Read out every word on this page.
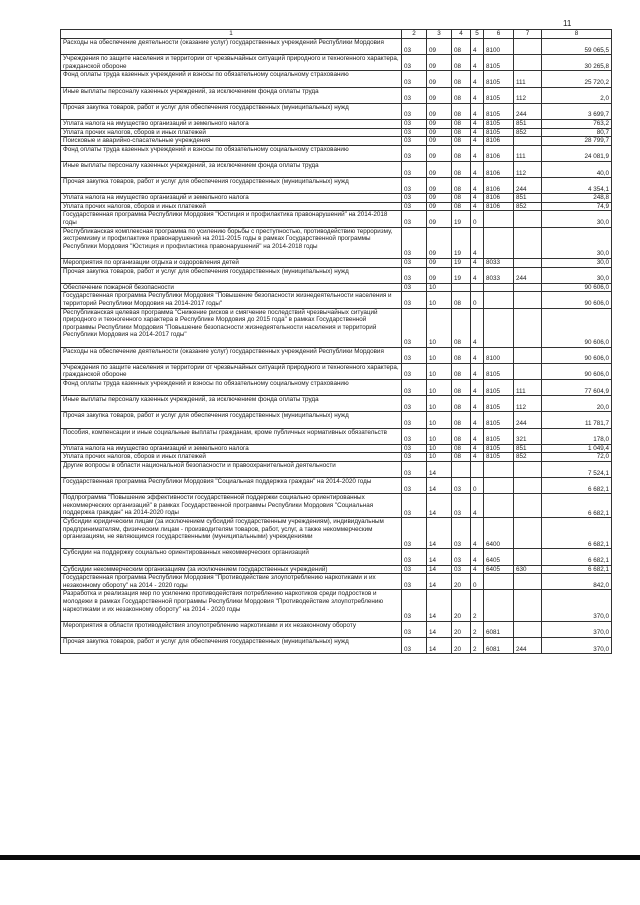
11
1	2	3	4	5	6	7	8
Расходы на обеспечение деятельности (оказание услуг) государственных учреждений Республики Мордовия	03	09	08	4	8100		59 065,5
Учреждения по защите населения и территории от чрезвычайных ситуаций природного и техногенного характера, гражданской обороне	03	09	08	4	8105		30 265,8
Фонд оплаты труда казенных учреждений и взносы по обязательному социальному страхованию	03	09	08	4	8105	111	25 720,2
Иные выплаты персоналу казенных учреждений, за исключением фонда оплаты труда	03	09	08	4	8105	112	2,0
Прочая закупка товаров, работ и услуг для обеспечения государственных (муниципальных) нужд	03	09	08	4	8105	244	3 699,7
Уплата налога на имущество организаций и земельного налога	03	09	08	4	8105	851	763,2
Уплата прочих налогов, сборов и иных платежей	03	09	08	4	8105	852	80,7
Поисковые и аварийно-спасательные учреждения	03	09	08	4	8106		28 799,7
Фонд оплаты труда казенных учреждений и взносы по обязательному социальному страхованию	03	09	08	4	8106	111	24 081,9
Иные выплаты персоналу казенных учреждений, за исключением фонда оплаты труда	03	09	08	4	8106	112	40,0
Прочая закупка товаров, работ и услуг для обеспечения государственных (муниципальных) нужд	03	09	08	4	8106	244	4 354,1
Уплата налога на имущество организаций и земельного налога	03	09	08	4	8106	851	248,8
Уплата прочих налогов, сборов и иных платежей	03	09	08	4	8106	852	74,9
Государственная программа Республики Мордовия "Юстиция и профилактика правонарушений" на 2014-2018 годы	03	09	19	0			30,0
Республиканская комплексная программа по усилению борьбы с преступностью, противодействию терроризму, экстремизму и профилактике правонарушений на 2011-2015 годы в рамках Государственной программы Республики Мордовия "Юстиция и профилактика правонарушений" на 2014-2018 годы	03	09	19	4			30,0
Мероприятия по организации отдыха и оздоровления детей	03	09	19	4	8033		30,0
Прочая закупка товаров, работ и услуг для обеспечения государственных (муниципальных) нужд	03	09	19	4	8033	244	30,0
Обеспечение пожарной безопасности	03	10					90 606,0
Государственная программа Республики Мордовия "Повышение безопасности жизнедеятельности населения и территорий Республики Мордовия на 2014-2017 годы"	03	10	08	0			90 606,0
Республиканская целевая программа "Снижение рисков и смягчение последствий чрезвычайных ситуаций природного и техногенного характера в Республике Мордовия до 2015 года" в рамках Государственной программы Республики Мордовия "Повышение безопасности жизнедеятельности населения и территорий Республики Мордовия на 2014-2017 годы"	03	10	08	4			90 606,0
Расходы на обеспечение деятельности (оказание услуг) государственных учреждений Республики Мордовия	03	10	08	4	8100		90 606,0
Учреждения по защите населения и территории от чрезвычайных ситуаций природного и техногенного характера, гражданской обороне	03	10	08	4	8105		90 606,0
Фонд оплаты труда казенных учреждений и взносы по обязательному социальному страхованию	03	10	08	4	8105	111	77 604,9
Иные выплаты персоналу казенных учреждений, за исключением фонда оплаты труда	03	10	08	4	8105	112	20,0
Прочая закупка товаров, работ и услуг для обеспечения государственных (муниципальных) нужд	03	10	08	4	8105	244	11 781,7
Пособия, компенсации и иные социальные выплаты гражданам, кроме публичных нормативных обязательств	03	10	08	4	8105	321	178,0
Уплата налога на имущество организаций и земельного налога	03	10	08	4	8105	851	1 049,4
Уплата прочих налогов, сборов и иных платежей	03	10	08	4	8105	852	72,0
Другие вопросы в области национальной безопасности и правоохранительной деятельности	03	14					7 524,1
Государственная программа Республики Мордовия "Социальная поддержка граждан" на 2014-2020 годы	03	14	03	0			6 682,1
Подпрограмма "Повышение эффективности государственной поддержки социально ориентированных некоммерческих организаций" в рамках Государственной программы Республики Мордовия "Социальная поддержка граждан" на 2014-2020 годы	03	14	03	4			6 682,1
Субсидии юридическим лицам (за исключением субсидий государственным учреждениям), индивидуальным предпринимателям, физическим лицам - производителям товаров, работ, услуг, а также некоммерческим организациям, не являющимся государственными (муниципальными) учреждениями	03	14	03	4	6400		6 682,1
Субсидии на поддержку социально ориентированных некоммерческих организаций	03	14	03	4	6405		6 682,1
Субсидии некоммерческим организациям (за исключением государственных учреждений)	03	14	03	4	6405	630	6 682,1
Государственная программа Республики Мордовия "Противодействие злоупотреблению наркотиками и их незаконному обороту" на 2014 - 2020 годы	03	14	20	0			842,0
Разработка и реализация мер по усилению противодействия потреблению наркотиков среди подростков и молодежи в рамках Государственной программы Республики Мордовия "Противодействие злоупотреблению наркотиками и их незаконному обороту" на 2014 - 2020 годы	03	14	20	2			370,0
Мероприятия в области противодействия злоупотреблению наркотиками и их незаконному обороту	03	14	20	2	6081		370,0
Прочая закупка товаров, работ и услуг для обеспечения государственных (муниципальных) нужд	03	14	20	2	6081	244	370,0
